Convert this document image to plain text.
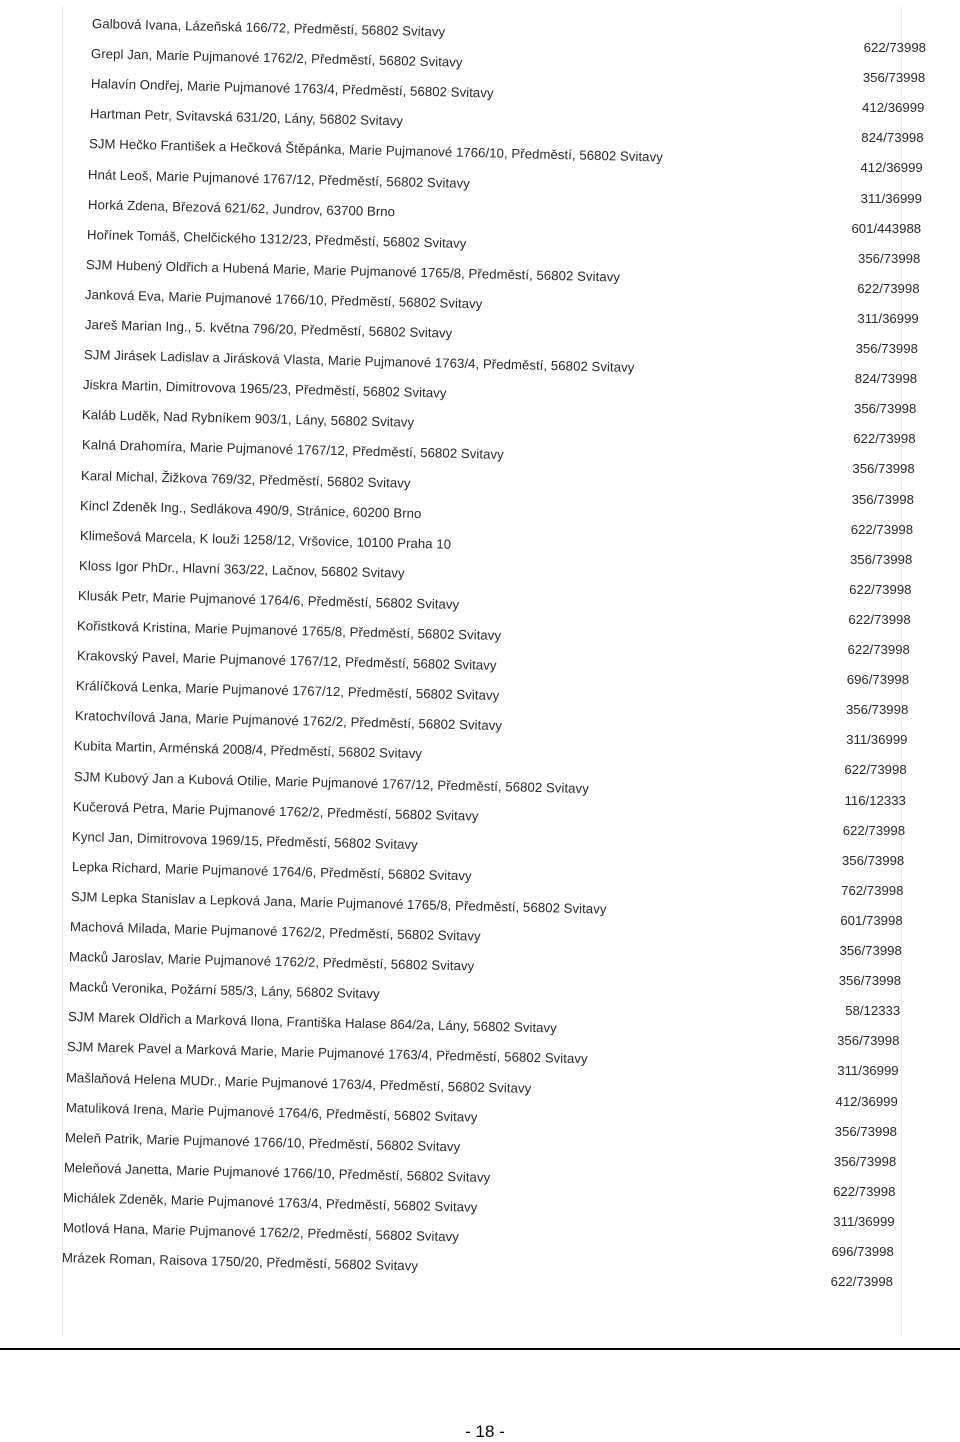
Galbová Ivana, Lázeňská 166/72, Předměstí, 56802 Svitavy
622/73998
Grepl Jan, Marie Pujmanové 1762/2, Předměstí, 56802 Svitavy
356/73998
Halavín Ondřej, Marie Pujmanové 1763/4, Předměstí, 56802 Svitavy
412/36999
Hartman Petr, Svitavská 631/20, Lány, 56802 Svitavy
824/73998
SJM Hečko František a Hečková Štěpánka, Marie Pujmanové 1766/10, Předměstí, 56802 Svitavy
412/36999
Hnát Leoš, Marie Pujmanové 1767/12, Předměstí, 56802 Svitavy
311/36999
Horká Zdena, Březová 621/62, Jundrov, 63700 Brno
601/443988
Hořínek Tomáš, Chelčického 1312/23, Předměstí, 56802 Svitavy
356/73998
SJM Hubený Oldřich a Hubená Marie, Marie Pujmanové 1765/8, Předměstí, 56802 Svitavy
622/73998
Janková Eva, Marie Pujmanové 1766/10, Předměstí, 56802 Svitavy
311/36999
Jareš Marian Ing., 5. května 796/20, Předměstí, 56802 Svitavy
356/73998
SJM Jirásek Ladislav a Jirásková Vlasta, Marie Pujmanové 1763/4, Předměstí, 56802 Svitavy
824/73998
Jiskra Martin, Dimitrovova 1965/23, Předměstí, 56802 Svitavy
356/73998
Kaláb Luděk, Nad Rybníkem 903/1, Lány, 56802 Svitavy
622/73998
Kalná Drahomíra, Marie Pujmanové 1767/12, Předměstí, 56802 Svitavy
356/73998
Karal Michal, Žižkova 769/32, Předměstí, 56802 Svitavy
356/73998
Kincl Zdeněk Ing., Sedlákova 490/9, Stránice, 60200 Brno
622/73998
Klimešová Marcela, K louži 1258/12, Vršovice, 10100 Praha 10
356/73998
Kloss Igor PhDr., Hlavní 363/22, Lačnov, 56802 Svitavy
622/73998
Klusák Petr, Marie Pujmanové 1764/6, Předměstí, 56802 Svitavy
622/73998
Kořistková Kristina, Marie Pujmanové 1765/8, Předměstí, 56802 Svitavy
622/73998
Krakovský Pavel, Marie Pujmanové 1767/12, Předměstí, 56802 Svitavy
696/73998
Králíčková Lenka, Marie Pujmanové 1767/12, Předměstí, 56802 Svitavy
356/73998
Kratochvílová Jana, Marie Pujmanové 1762/2, Předměstí, 56802 Svitavy
311/36999
Kubita Martin, Arménská 2008/4, Předměstí, 56802 Svitavy
622/73998
SJM Kubový Jan a Kubová Otilie, Marie Pujmanové 1767/12, Předměstí, 56802 Svitavy
116/12333
Kučerová Petra, Marie Pujmanové 1762/2, Předměstí, 56802 Svitavy
622/73998
Kyncl Jan, Dimitrovova 1969/15, Předměstí, 56802 Svitavy
356/73998
Lepka Richard, Marie Pujmanové 1764/6, Předměstí, 56802 Svitavy
762/73998
SJM Lepka Stanislav a Lepková Jana, Marie Pujmanové 1765/8, Předměstí, 56802 Svitavy
601/73998
Machová Milada, Marie Pujmanové 1762/2, Předměstí, 56802 Svitavy
356/73998
Macků Jaroslav, Marie Pujmanové 1762/2, Předměstí, 56802 Svitavy
356/73998
Macků Veronika, Požární 585/3, Lány, 56802 Svitavy
58/12333
SJM Marek Oldřich a Marková Ilona, Františka Halase 864/2a, Lány, 56802 Svitavy
356/73998
SJM Marek Pavel a Marková Marie, Marie Pujmanové 1763/4, Předměstí, 56802 Svitavy
311/36999
Mašlaňová Helena MUDr., Marie Pujmanové 1763/4, Předměstí, 56802 Svitavy
412/36999
Matuliková Irena, Marie Pujmanové 1764/6, Předměstí, 56802 Svitavy
356/73998
Meleň Patrik, Marie Pujmanové 1766/10, Předměstí, 56802 Svitavy
356/73998
Meleňová Janetta, Marie Pujmanové 1766/10, Předměstí, 56802 Svitavy
622/73998
Michálek Zdeněk, Marie Pujmanové 1763/4, Předměstí, 56802 Svitavy
311/36999
Motlová Hana, Marie Pujmanové 1762/2, Předměstí, 56802 Svitavy
696/73998
Mrázek Roman, Raisova 1750/20, Předměstí, 56802 Svitavy
622/73998
- 18 -
